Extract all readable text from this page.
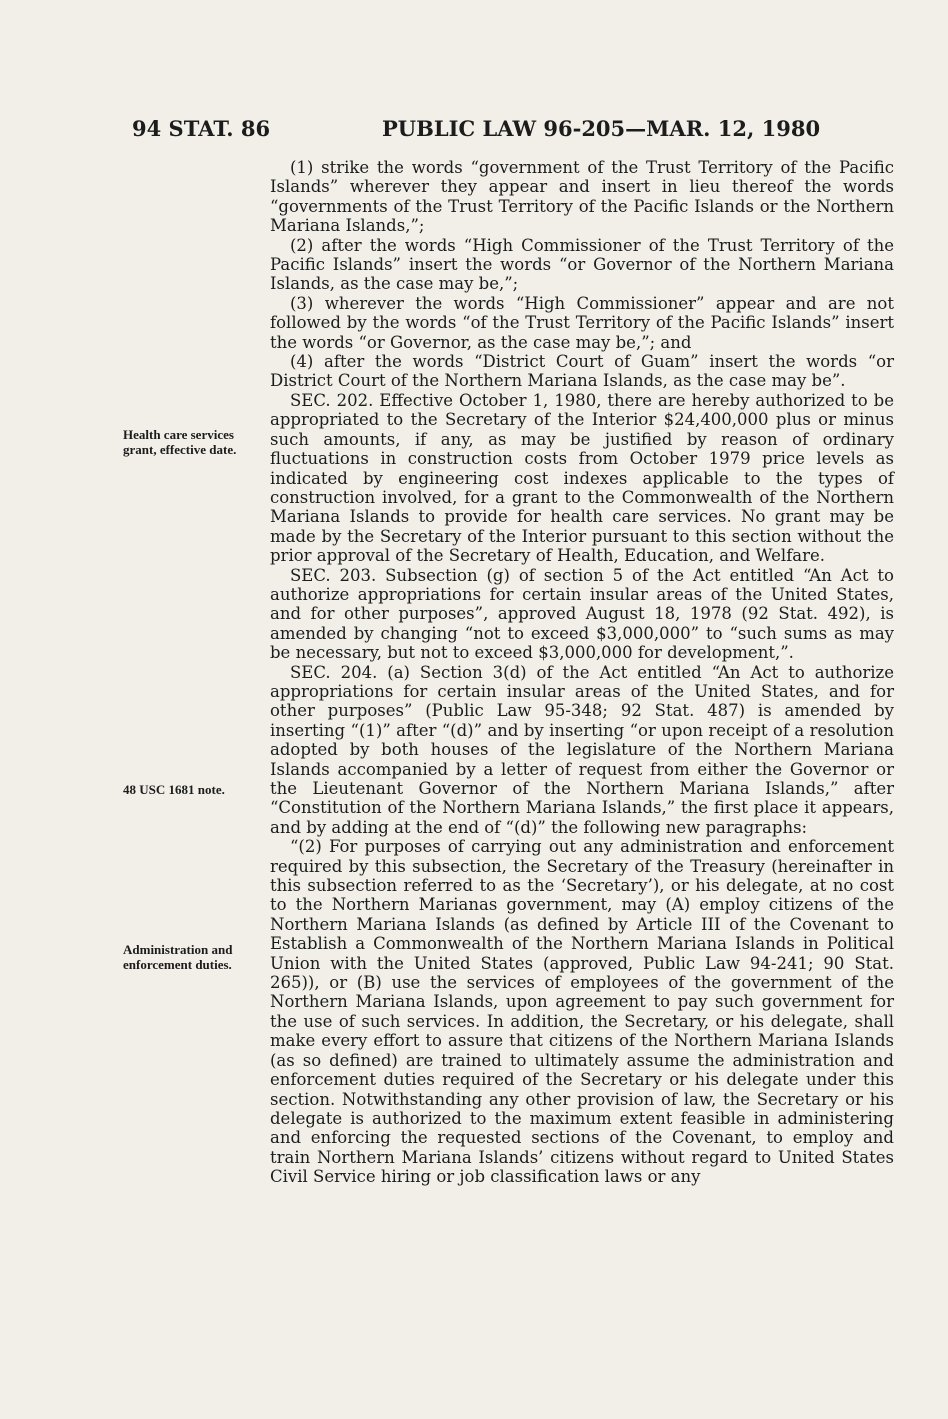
94 STAT. 86	PUBLIC LAW 96-205—MAR. 12, 1980

Health care services grant, effective date.

48 USC 1681 note.

Administration and enforcement duties.

(1) strike the words “government of the Trust Territory of the Pacific Islands” wherever they appear and insert in lieu thereof the words “governments of the Trust Territory of the Pacific Islands or the Northern Mariana Islands,”;

(2) after the words “High Commissioner of the Trust Territory of the Pacific Islands” insert the words “or Governor of the Northern Mariana Islands, as the case may be,”;

(3) wherever the words “High Commissioner” appear and are not followed by the words “of the Trust Territory of the Pacific Islands” insert the words “or Governor, as the case may be,”; and

(4) after the words “District Court of Guam” insert the words “or District Court of the Northern Mariana Islands, as the case may be”.

SEC. 202. Effective October 1, 1980, there are hereby authorized to be appropriated to the Secretary of the Interior $24,400,000 plus or minus such amounts, if any, as may be justified by reason of ordinary fluctuations in construction costs from October 1979 price levels as indicated by engineering cost indexes applicable to the types of construction involved, for a grant to the Commonwealth of the Northern Mariana Islands to provide for health care services. No grant may be made by the Secretary of the Interior pursuant to this section without the prior approval of the Secretary of Health, Education, and Welfare.

SEC. 203. Subsection (g) of section 5 of the Act entitled “An Act to authorize appropriations for certain insular areas of the United States, and for other purposes”, approved August 18, 1978 (92 Stat. 492), is amended by changing “not to exceed $3,000,000” to “such sums as may be necessary, but not to exceed $3,000,000 for development,”.

SEC. 204. (a) Section 3(d) of the Act entitled “An Act to authorize appropriations for certain insular areas of the United States, and for other purposes” (Public Law 95-348; 92 Stat. 487) is amended by inserting “(1)” after “(d)” and by inserting “or upon receipt of a resolution adopted by both houses of the legislature of the Northern Mariana Islands accompanied by a letter of request from either the Governor or the Lieutenant Governor of the Northern Mariana Islands,” after “Constitution of the Northern Mariana Islands,” the first place it appears, and by adding at the end of “(d)” the following new paragraphs:

“(2) For purposes of carrying out any administration and enforcement required by this subsection, the Secretary of the Treasury (hereinafter in this subsection referred to as the ‘Secretary’), or his delegate, at no cost to the Northern Marianas government, may (A) employ citizens of the Northern Mariana Islands (as defined by Article III of the Covenant to Establish a Commonwealth of the Northern Mariana Islands in Political Union with the United States (approved, Public Law 94-241; 90 Stat. 265)), or (B) use the services of employees of the government of the Northern Mariana Islands, upon agreement to pay such government for the use of such services. In addition, the Secretary, or his delegate, shall make every effort to assure that citizens of the Northern Mariana Islands (as so defined) are trained to ultimately assume the administration and enforcement duties required of the Secretary or his delegate under this section. Notwithstanding any other provision of law, the Secretary or his delegate is authorized to the maximum extent feasible in administering and enforcing the requested sections of the Covenant, to employ and train Northern Mariana Islands’ citizens without regard to United States Civil Service hiring or job classification laws or any
